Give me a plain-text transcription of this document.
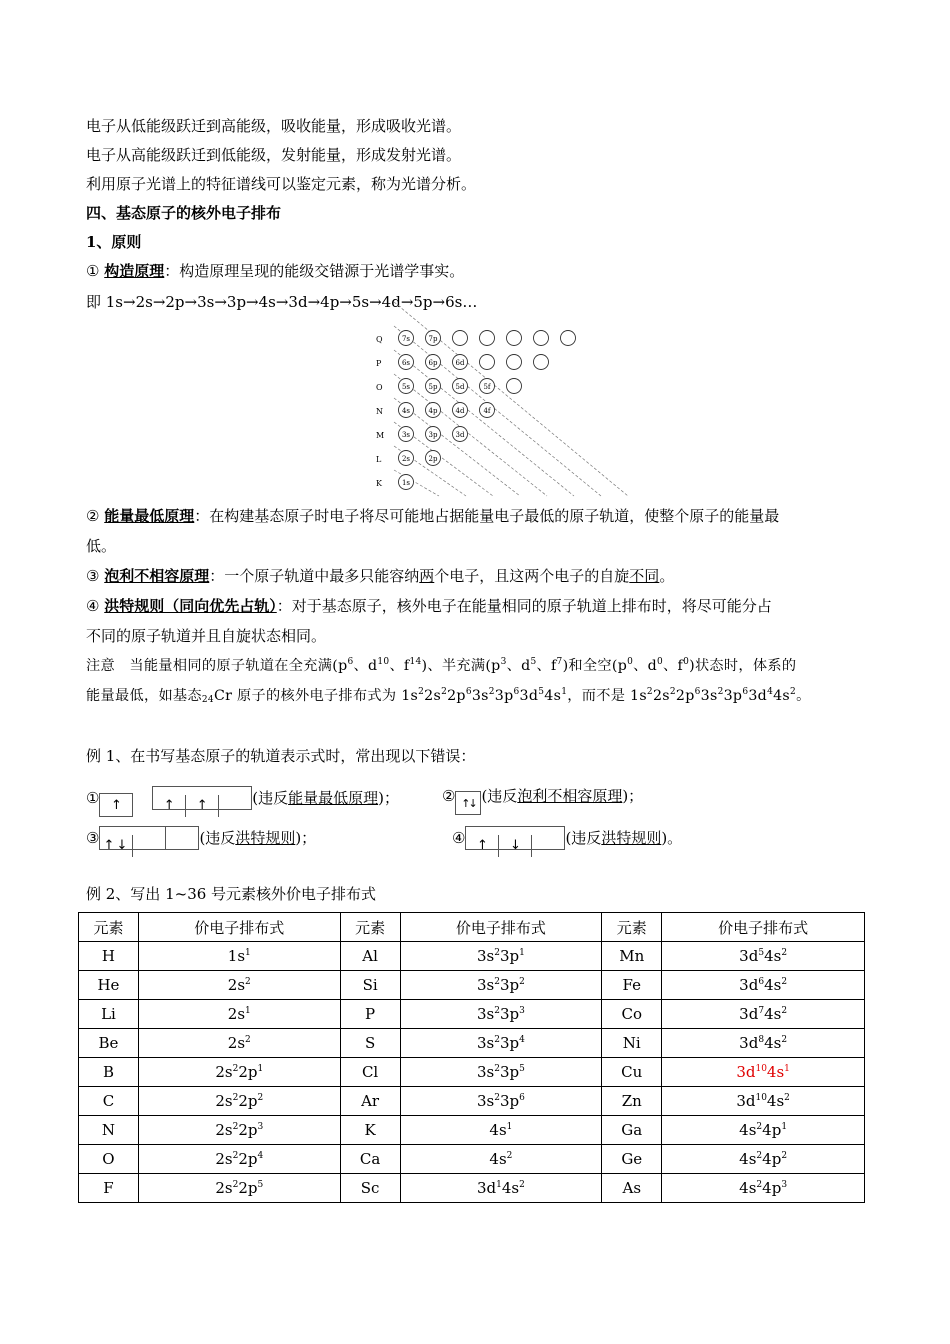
电子从低能级跃迁到高能级，吸收能量，形成吸收光谱。
电子从高能级跃迁到低能级，发射能量，形成发射光谱。
利用原子光谱上的特征谱线可以鉴定元素，称为光谱分析。
四、基态原子的核外电子排布
1、原则
① 构造原理：构造原理呈现的能级交错源于光谱学事实。
即 1s→2s→2p→3s→3p→4s→3d→4p→5s→4d→5p→6s…
Q	7s	7p
P	6s	6p	6d
O	5s	5p	5d	5f
N	4s	4p	4d	4f
M	3s	3p	3d
L	2s	2p
K	1s
② 能量最低原理：在构建基态原子时电子将尽可能地占据能量电子最低的原子轨道，使整个原子的能量最
低。
③ 泡利不相容原理：一个原子轨道中最多只能容纳两个电子，且这两个电子的自旋不同。
④ 洪特规则（同向优先占轨）：对于基态原子，核外电子在能量相同的原子轨道上排布时，将尽可能分占
不同的原子轨道并且自旋状态相同。
注意 当能量相同的原子轨道在全充满($p^6$、$d^{10}$、$f^{14}$)、半充满($p^3$、$d^5$、$f^7$)和全空($p^0$、$d^0$、$f^0$)状态时，体系的
能量最低，如基态$_{24}$Cr 原子的核外电子排布式为 $1s^22s^22p^63s^23p^63d^54s^1$，而不是 $1s^22s^22p^63s^23p^63d^44s^2$。
例 1、在书写基态原子的轨道表示式时，常出现以下错误：
① ↑	↑ ↑	(违反能量最低原理)；	② ↑↓ (违反泡利不相容原理)；
③ ↑↓	(违反洪特规则)；	④ ↑ ↓	(违反洪特规则)。
例 2、写出 1~36 号元素核外价电子排布式
元素	价电子排布式	元素	价电子排布式	元素	价电子排布式
H	$1s^1$	Al	$3s^23p^1$	Mn	$3d^54s^2$
He	$2s^2$	Si	$3s^23p^2$	Fe	$3d^64s^2$
Li	$2s^1$	P	$3s^23p^3$	Co	$3d^74s^2$
Be	$2s^2$	S	$3s^23p^4$	Ni	$3d^84s^2$
B	$2s^22p^1$	Cl	$3s^23p^5$	Cu	$3d^{10}4s^1$
C	$2s^22p^2$	Ar	$3s^23p^6$	Zn	$3d^{10}4s^2$
N	$2s^22p^3$	K	$4s^1$	Ga	$4s^24p^1$
O	$2s^22p^4$	Ca	$4s^2$	Ge	$4s^24p^2$
F	$2s^22p^5$	Sc	$3d^14s^2$	As	$4s^24p^3$
